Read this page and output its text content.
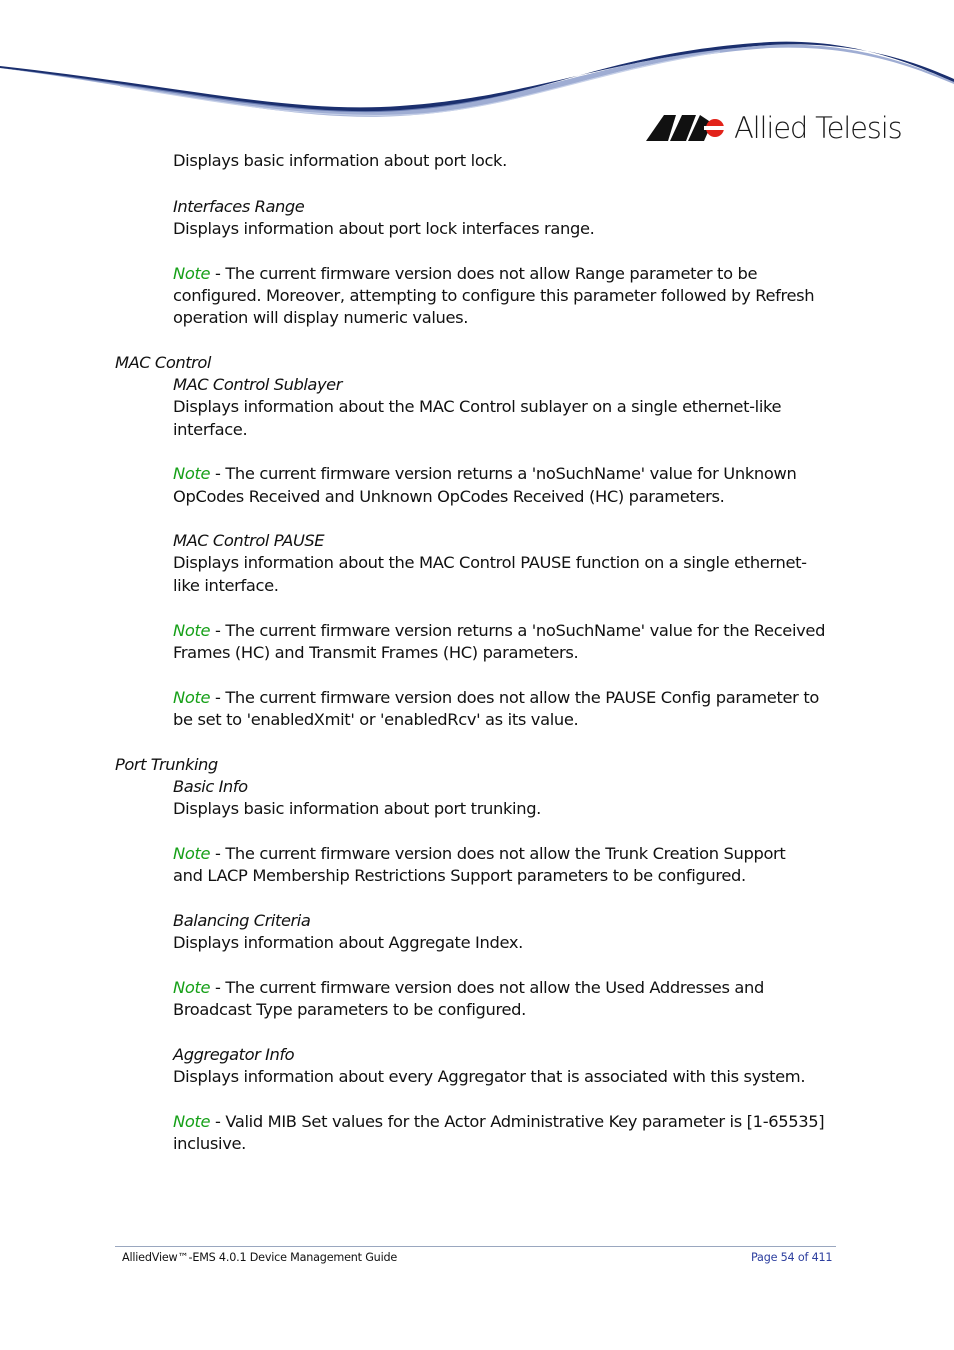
Allied Telesis
Displays basic information about port lock.
Interfaces Range
Displays information about port lock interfaces range.
Note - The current firmware version does not allow Range parameter to be
configured. Moreover, attempting to configure this parameter followed by Refresh
operation will display numeric values.
MAC Control
MAC Control Sublayer
Displays information about the MAC Control sublayer on a single ethernet-like
interface.
Note - The current firmware version returns a 'noSuchName' value for Unknown
OpCodes Received and Unknown OpCodes Received (HC) parameters.
MAC Control PAUSE
Displays information about the MAC Control PAUSE function on a single ethernet-
like interface.
Note - The current firmware version returns a 'noSuchName' value for the Received
Frames (HC) and Transmit Frames (HC) parameters.
Note - The current firmware version does not allow the PAUSE Config parameter to
be set to 'enabledXmit' or 'enabledRcv' as its value.
Port Trunking
Basic Info
Displays basic information about port trunking.
Note - The current firmware version does not allow the Trunk Creation Support
and LACP Membership Restrictions Support parameters to be configured.
Balancing Criteria
Displays information about Aggregate Index.
Note - The current firmware version does not allow the Used Addresses and
Broadcast Type parameters to be configured.
Aggregator Info
Displays information about every Aggregator that is associated with this system.
Note - Valid MIB Set values for the Actor Administrative Key parameter is [1-65535]
inclusive.
AlliedView™-EMS 4.0.1 Device Management Guide	Page 54 of 411
